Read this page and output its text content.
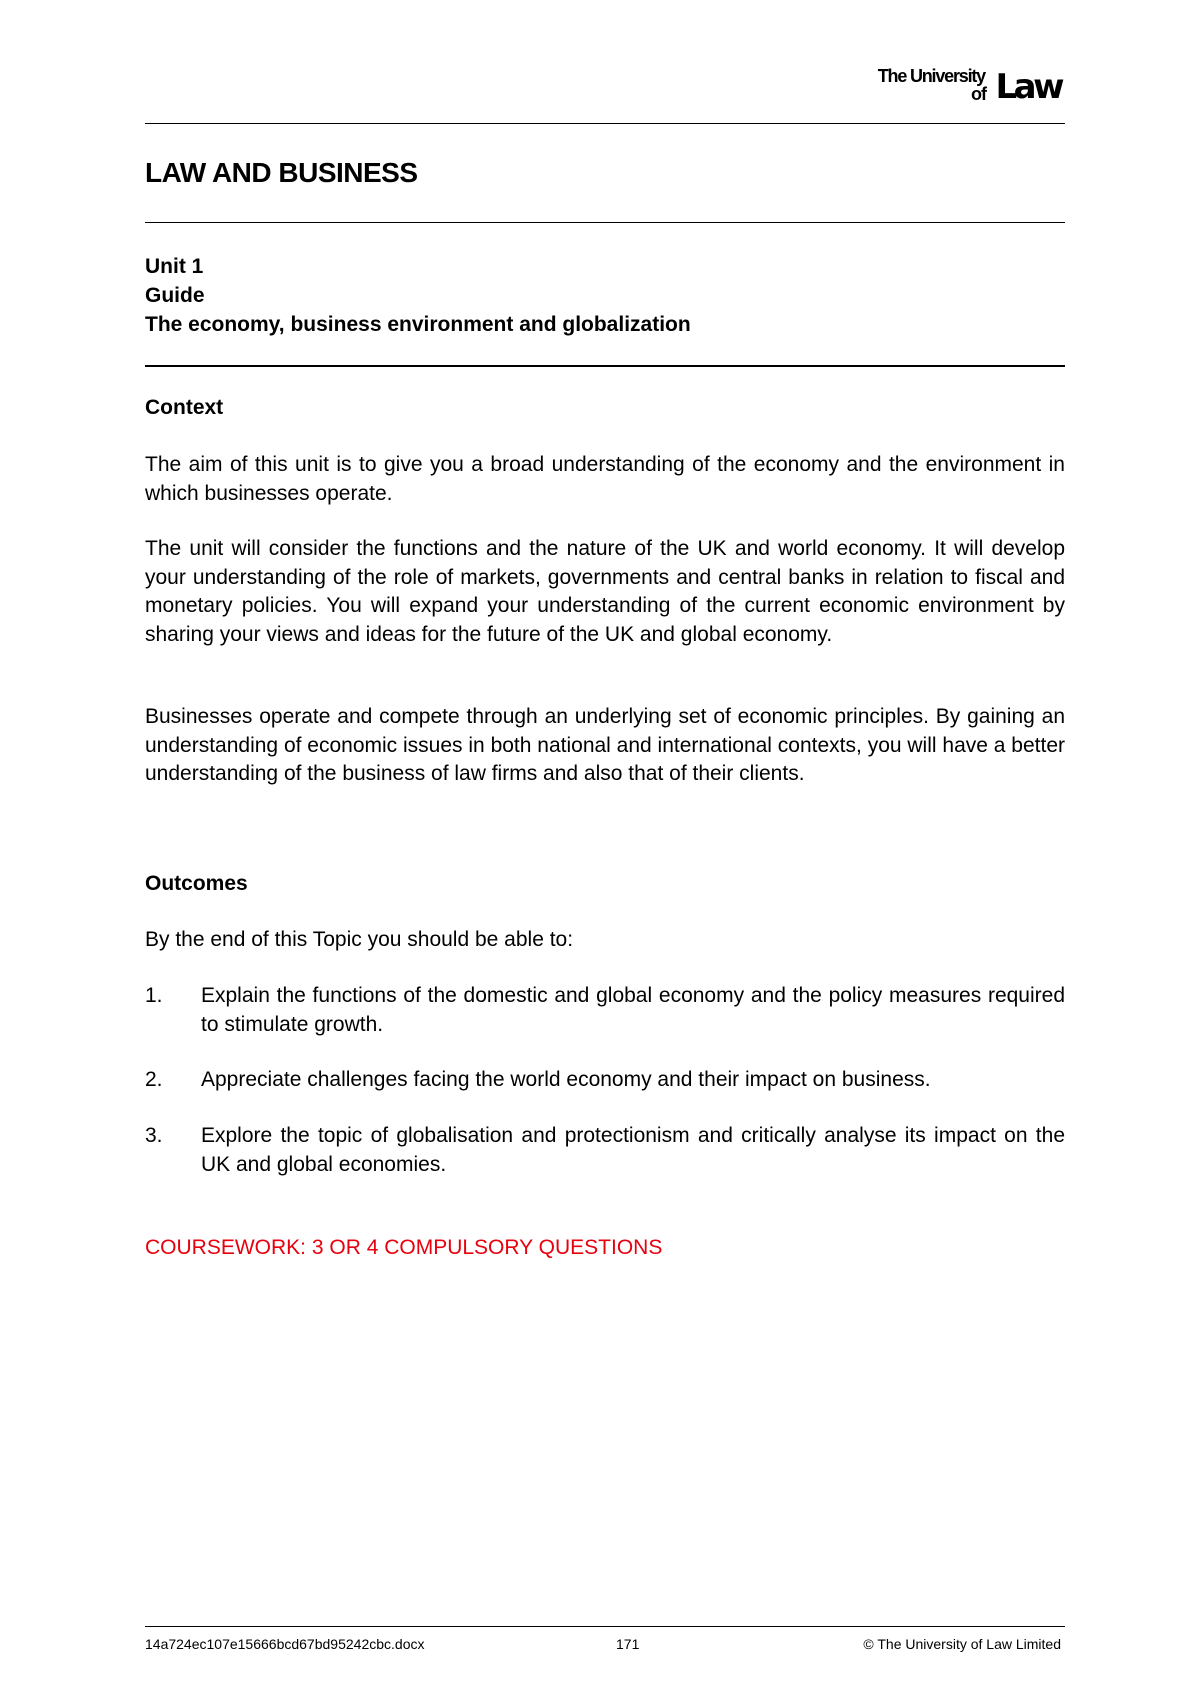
The University
of Law
LAW AND BUSINESS
Unit 1
Guide
The economy, business environment and globalization
Context

The aim of this unit is to give you a broad understanding of the economy and the environment in which businesses operate.

The unit will consider the functions and the nature of the UK and world economy. It will develop your understanding of the role of markets, governments and central banks in relation to fiscal and monetary policies. You will expand your understanding of the current economic environment by sharing your views and ideas for the future of the UK and global economy.

Businesses operate and compete through an underlying set of economic principles. By gaining an understanding of economic issues in both national and international contexts, you will have a better understanding of the business of law firms and also that of their clients.

Outcomes

By the end of this Topic you should be able to:

1. Explain the functions of the domestic and global economy and the policy measures required to stimulate growth.
2. Appreciate challenges facing the world economy and their impact on business.
3. Explore the topic of globalisation and protectionism and critically analyse its impact on the UK and global economies.
COURSEWORK: 3 OR 4 COMPULSORY QUESTIONS
14a724ec107e15666bcd67bd95242cbc.docx	171	© The University of Law Limited
